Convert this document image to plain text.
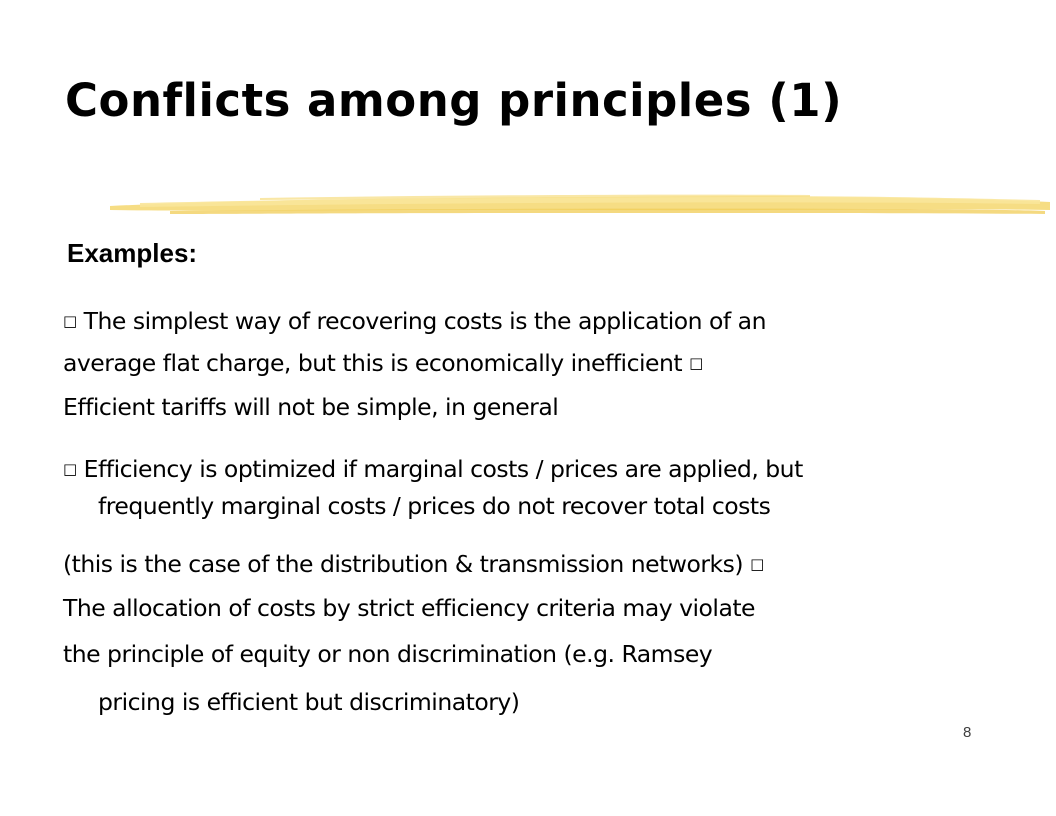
Conflicts among principles (1)
Examples:
□ The simplest way of recovering costs is the application of an
average flat charge, but this is economically inefficient □
Efficient tariffs will not be simple, in general
□ Efficiency is optimized if marginal costs / prices are applied, but
frequently marginal costs / prices do not recover total costs
(this is the case of the distribution & transmission networks) □
The allocation of costs by strict efficiency criteria may violate
the principle of equity or non discrimination (e.g. Ramsey
pricing is efficient but discriminatory)
8
